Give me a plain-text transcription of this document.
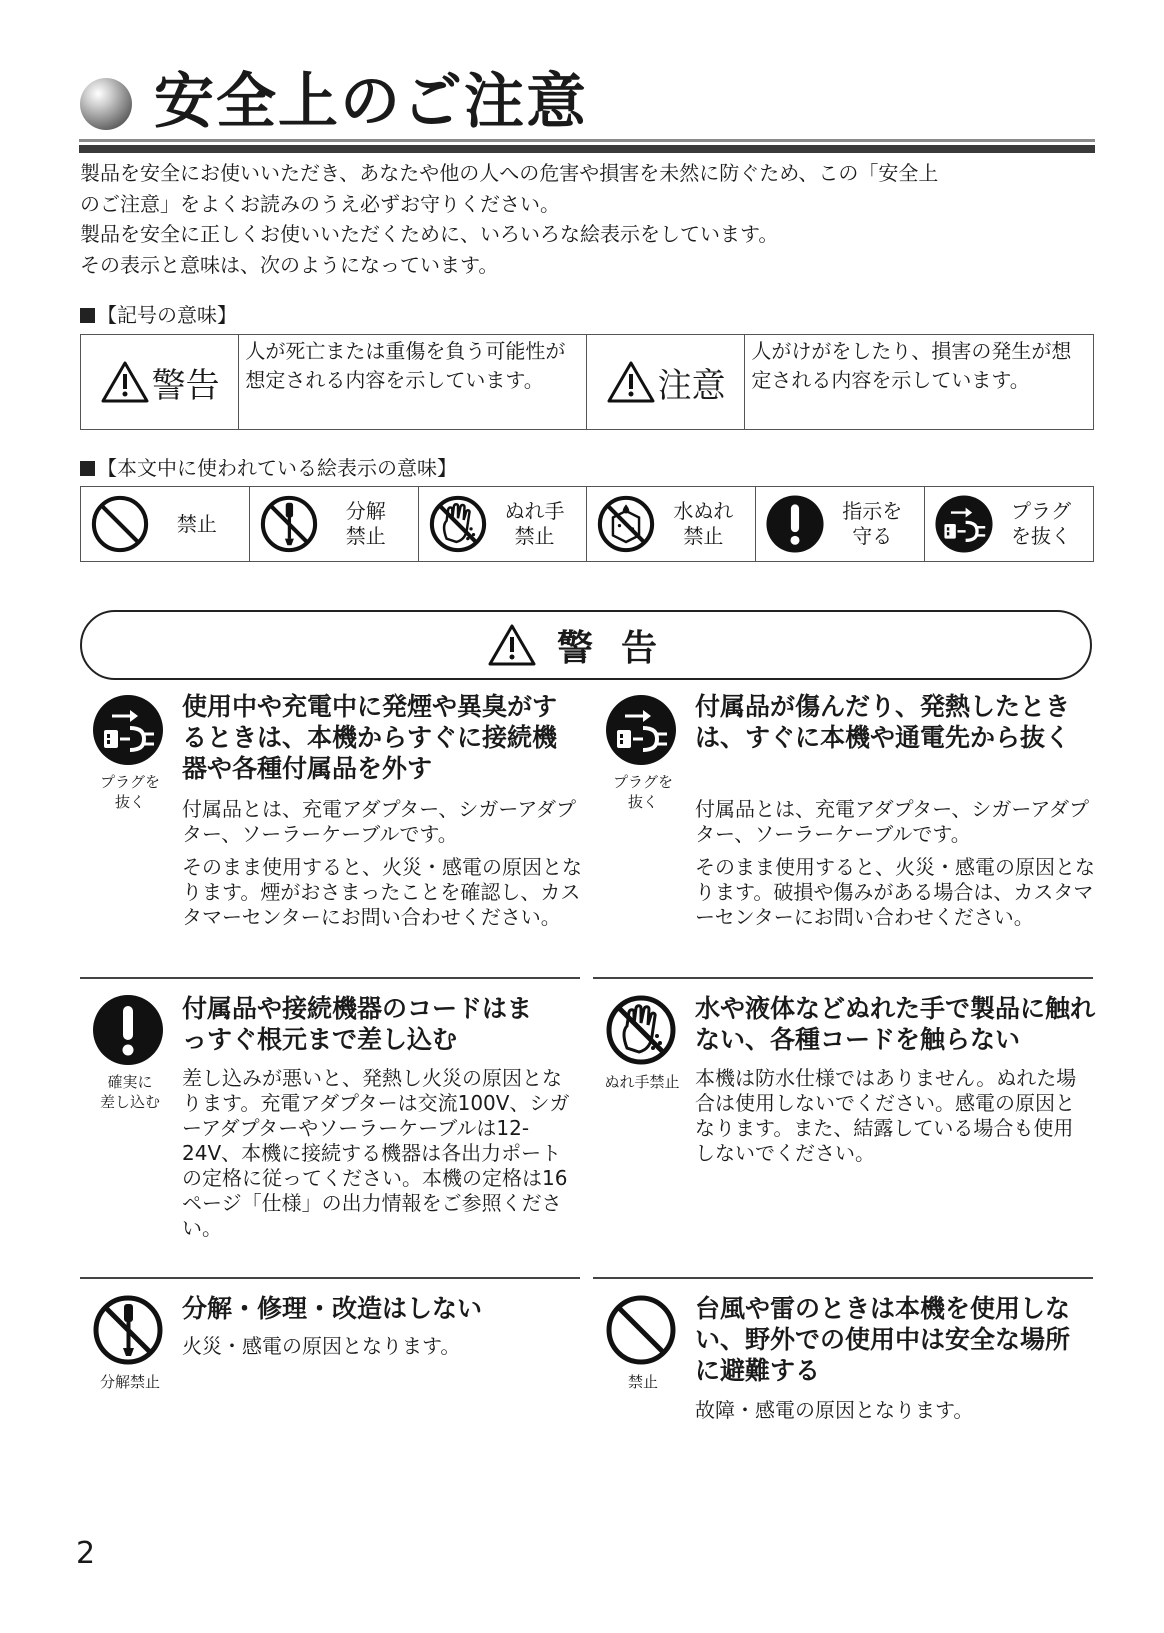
安全上のご注意

製品を安全にお使いいただき、あなたや他の人への危害や損害を未然に防ぐため、この「安全上

のご注意」をよくお読みのうえ必ずお守りください。

製品を安全に正しくお使いいただくために、いろいろな絵表示をしています。

その表示と意味は、次のようになっています。

【記号の意味】
警告
人が死亡または重傷を負う可能性が想定される内容を示しています。	注意
人がけがをしたり、損害の発生が想定される内容を示しています。
【本文中に使われている絵表示の意味】
禁止
分解
禁止
ぬれ手
禁止
水ぬれ
禁止
指示を
守る
プラグ
を抜く
警告
プラグを
抜く
使用中や充電中に発煙や異臭がするときは、本機からすぐに接続機器や各種付属品を外す

付属品とは、充電アダプター、シガーアダプター、ソーラーケーブルです。

そのまま使用すると、火災・感電の原因となります。煙がおさまったことを確認し、カスタマーセンターにお問い合わせください。

プラグを
抜く
付属品が傷んだり、発熱したときは、すぐに本機や通電先から抜く

付属品とは、充電アダプター、シガーアダプター、ソーラーケーブルです。

そのまま使用すると、火災・感電の原因となります。破損や傷みがある場合は、カスタマーセンターにお問い合わせください。

確実に
差し込む
付属品や接続機器のコードはまっすぐ根元まで差し込む

差し込みが悪いと、発熱し火災の原因となります。充電アダプターは交流100V、シガーアダプターやソーラーケーブルは12-24V、本機に接続する機器は各出力ポートの定格に従ってください。本機の定格は16ページ「仕様」の出力情報をご参照ください。

ぬれ手禁止
水や液体などぬれた手で製品に触れない、各種コードを触らない

本機は防水仕様ではありません。ぬれた場合は使用しないでください。感電の原因となります。また、結露している場合も使用しないでください。

分解禁止
分解・修理・改造はしない

火災・感電の原因となります。

禁止
台風や雷のときは本機を使用しない、野外での使用中は安全な場所に避難する

故障・感電の原因となります。

2
